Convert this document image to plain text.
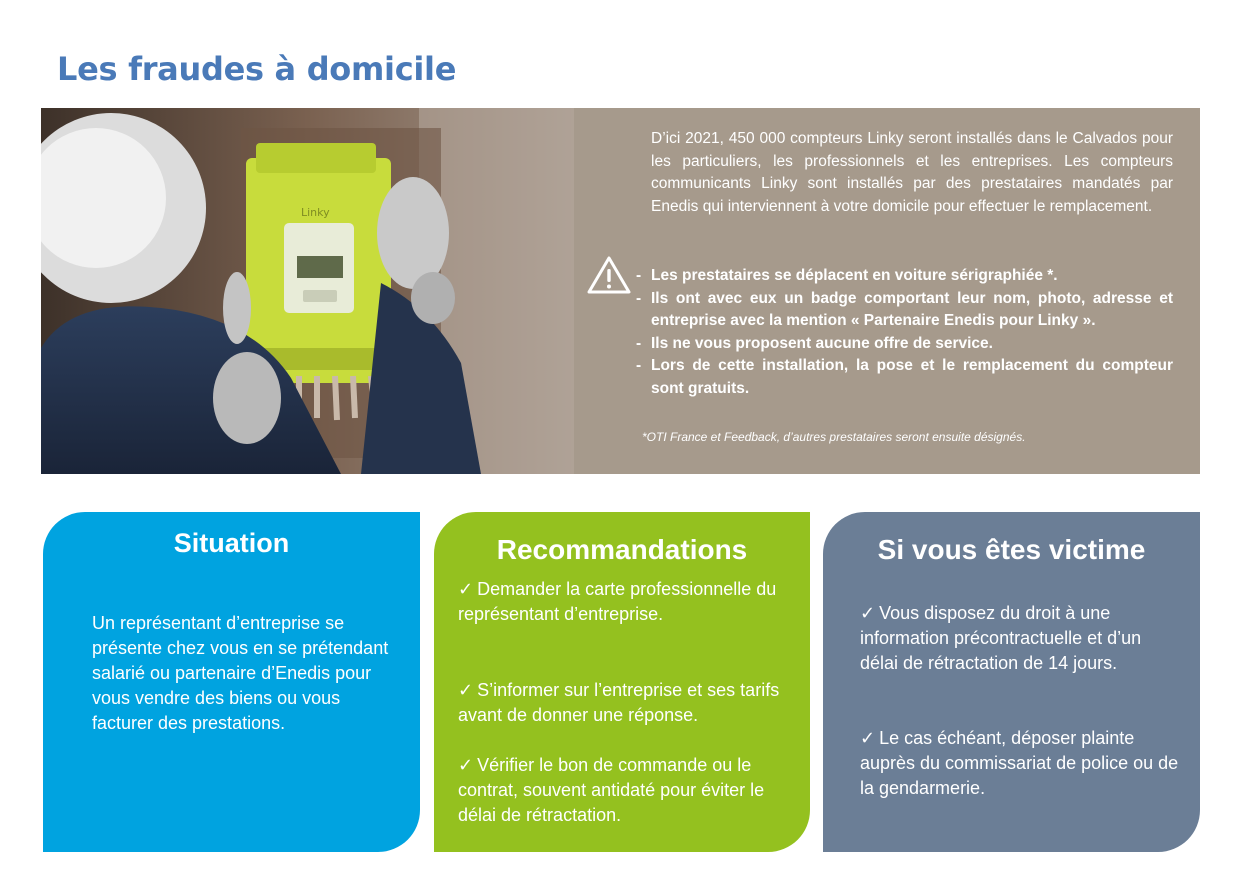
Les fraudes à domicile
Linky

D’ici 2021, 450 000 compteurs Linky seront installés dans le Calvados pour les particuliers, les professionnels et les entreprises. Les compteurs communicants Linky sont installés par des prestataires mandatés par Enedis qui interviennent à votre domicile pour effectuer le remplacement.

- Les prestataires se déplacent en voiture sérigraphiée *.
- Ils ont avec eux un badge comportant leur nom, photo, adresse et entreprise avec la mention « Partenaire Enedis pour Linky ».
- Ils ne vous proposent aucune offre de service.
- Lors de cette installation, la pose et le remplacement du compteur sont gratuits.

*OTI France et Feedback, d’autres prestataires seront ensuite désignés.

Situation

Un représentant d’entreprise se présente chez vous en se prétendant salarié ou partenaire d’Enedis pour vous vendre des biens ou vous facturer des prestations.

Recommandations

✓ Demander la carte professionnelle du représentant d’entreprise.

✓ S’informer sur l’entreprise et ses tarifs avant de donner une réponse.

✓ Vérifier le bon de commande ou le contrat, souvent antidaté pour éviter le délai de rétractation.

Si vous êtes victime

✓ Vous disposez du droit à une information précontractuelle et d’un délai de rétractation de 14 jours.

✓ Le cas échéant, déposer plainte auprès du commissariat de police ou de la gendarmerie.
